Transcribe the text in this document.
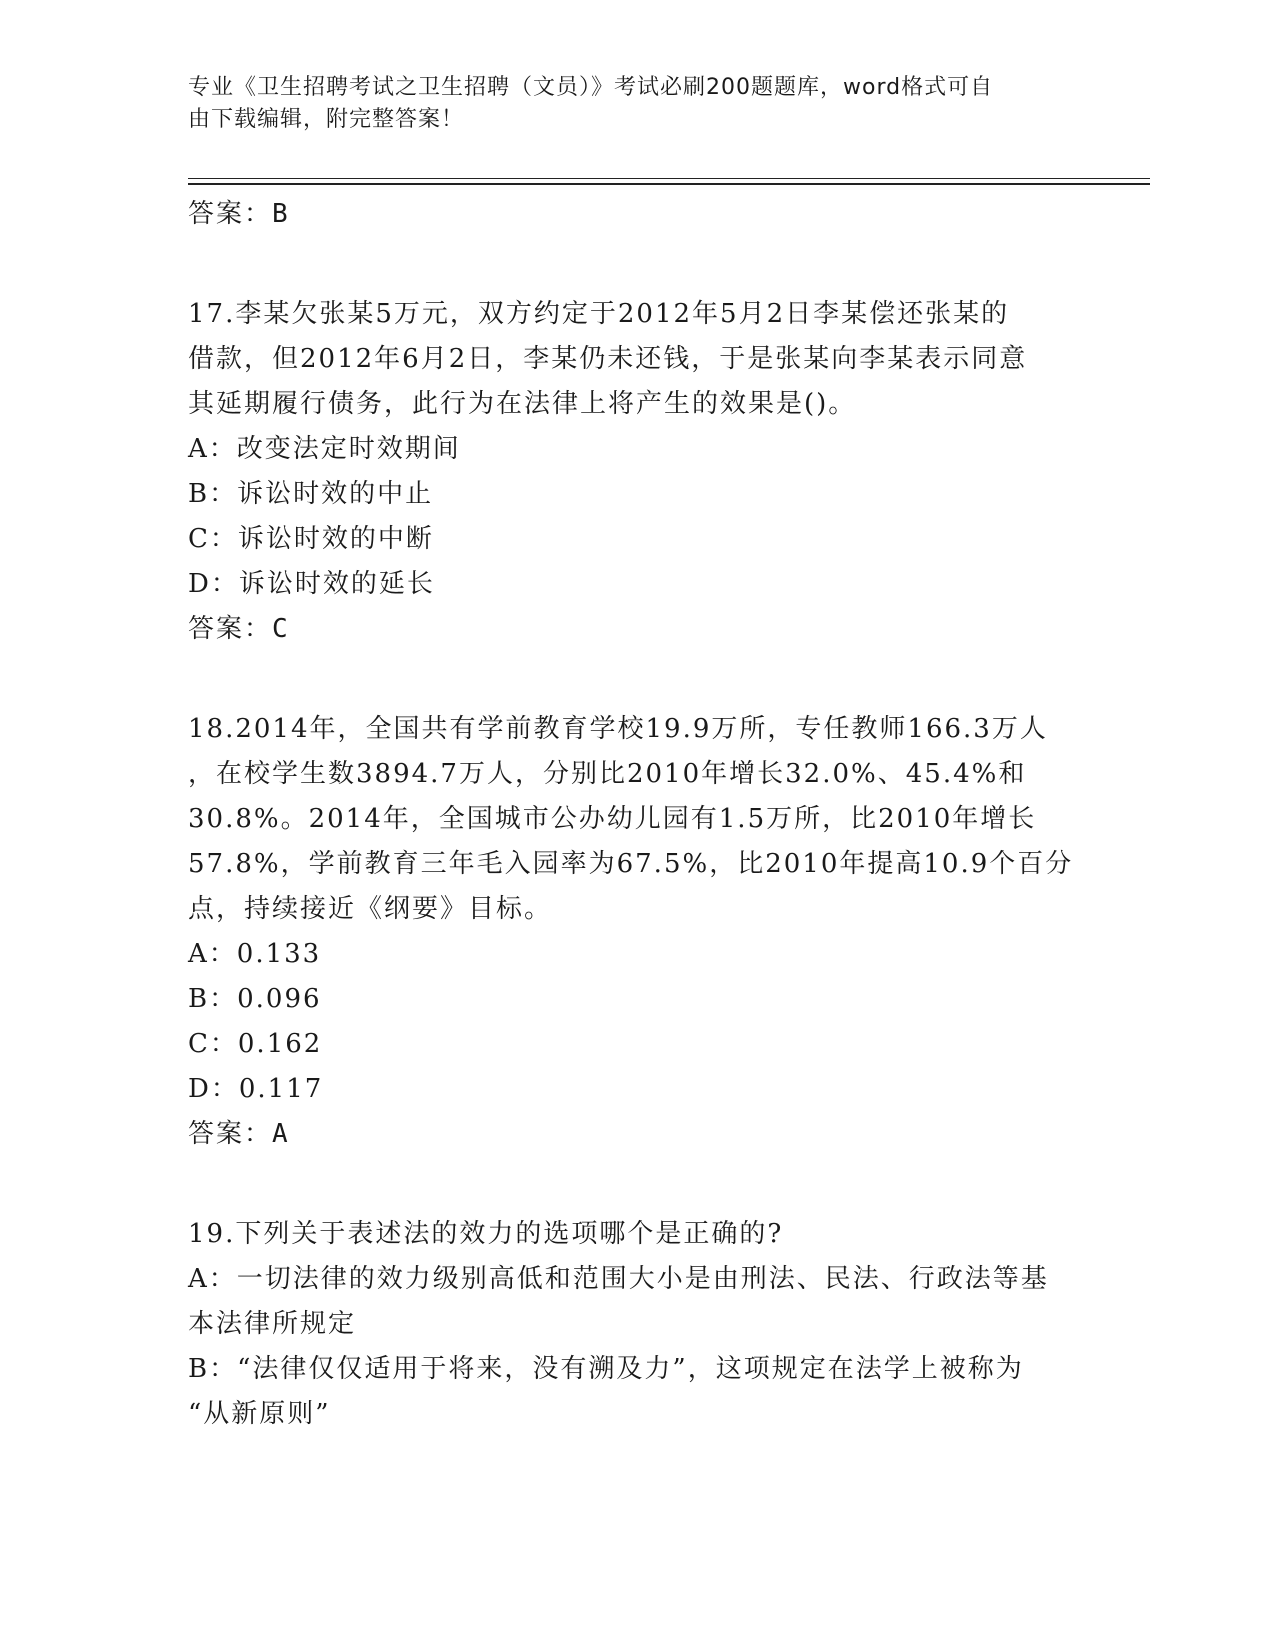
专业《卫生招聘考试之卫生招聘（文员）》考试必刷200题题库，word格式可自
由下载编辑，附完整答案！
答案：B
17.李某欠张某5万元，双方约定于2012年5月2日李某偿还张某的
借款，但2012年6月2日，李某仍未还钱，于是张某向李某表示同意
其延期履行债务，此行为在法律上将产生的效果是()。
A：改变法定时效期间
B：诉讼时效的中止
C：诉讼时效的中断
D：诉讼时效的延长
答案：C
18.2014年，全国共有学前教育学校19.9万所，专任教师166.3万人
，在校学生数3894.7万人，分别比2010年增长32.0%、45.4%和
30.8%。2014年，全国城市公办幼儿园有1.5万所，比2010年增长
57.8%，学前教育三年毛入园率为67.5%，比2010年提高10.9个百分
点，持续接近《纲要》目标。
A：0.133
B：0.096
C：0.162
D：0.117
答案：A
19.下列关于表述法的效力的选项哪个是正确的?
A：一切法律的效力级别高低和范围大小是由刑法、民法、行政法等基
本法律所规定
B：“法律仅仅适用于将来，没有溯及力”，这项规定在法学上被称为
“从新原则”
